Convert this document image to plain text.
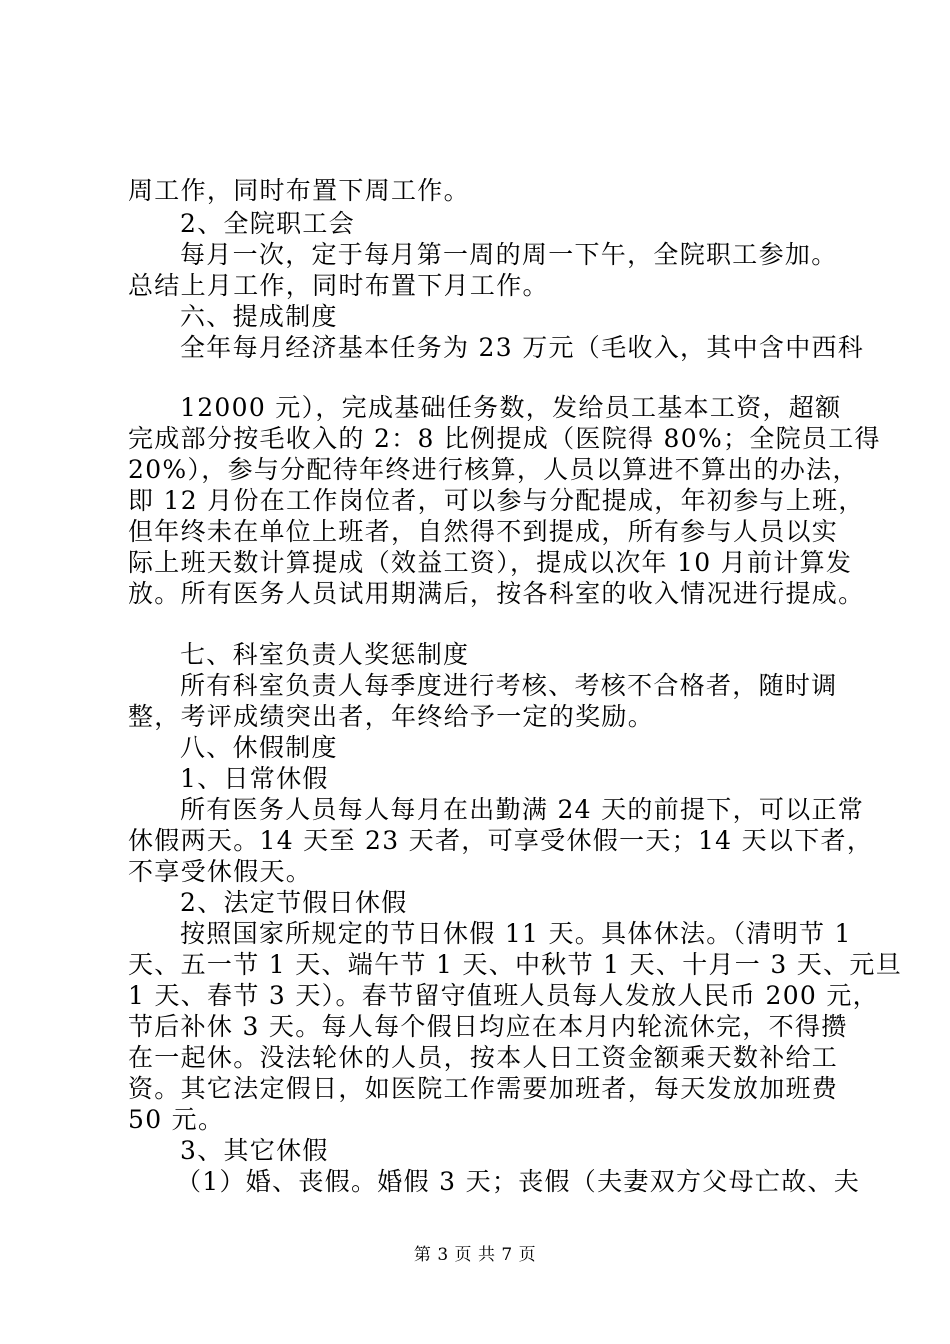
周工作，同时布置下周工作。
2、全院职工会
每月一次，定于每月第一周的周一下午，全院职工参加。
总结上月工作，同时布置下月工作。
六、提成制度
全年每月经济基本任务为 23 万元（毛收入，其中含中西科
12000 元），完成基础任务数，发给员工基本工资，超额
完成部分按毛收入的 2：8 比例提成（医院得 80%；全院员工得
20%），参与分配待年终进行核算，人员以算进不算出的办法，
即 12 月份在工作岗位者，可以参与分配提成，年初参与上班，
但年终未在单位上班者，自然得不到提成，所有参与人员以实
际上班天数计算提成（效益工资），提成以次年 10 月前计算发
放。所有医务人员试用期满后，按各科室的收入情况进行提成。
七、科室负责人奖惩制度
所有科室负责人每季度进行考核、考核不合格者，随时调
整，考评成绩突出者，年终给予一定的奖励。
八、休假制度
1、日常休假
所有医务人员每人每月在出勤满 24 天的前提下，可以正常
休假两天。14 天至 23 天者，可享受休假一天；14 天以下者，
不享受休假天。
2、法定节假日休假
按照国家所规定的节日休假 11 天。具体休法。（清明节 1
天、五一节 1 天、端午节 1 天、中秋节 1 天、十月一 3 天、元旦
1 天、春节 3 天）。春节留守值班人员每人发放人民币 200 元，
节后补休 3 天。每人每个假日均应在本月内轮流休完，不得攒
在一起休。没法轮休的人员，按本人日工资金额乘天数补给工
资。其它法定假日，如医院工作需要加班者，每天发放加班费
50 元。
3、其它休假
（1）婚、丧假。婚假 3 天；丧假（夫妻双方父母亡故、夫
第 3 页 共 7 页
